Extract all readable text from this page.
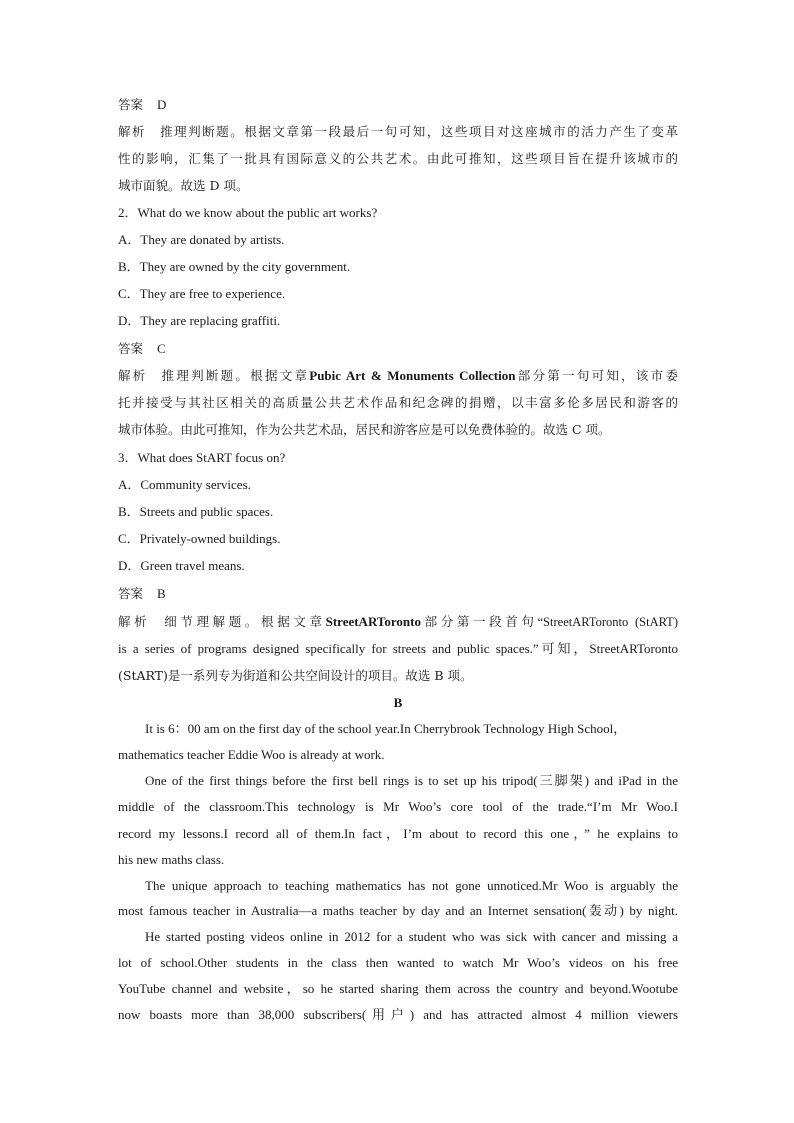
答案 D
解析 推理判断题。根据文章第一段最后一句可知，这些项目对这座城市的活力产生了变革
性的影响，汇集了一批具有国际意义的公共艺术。由此可推知，这些项目旨在提升该城市的
城市面貌。故选 D 项。
2．What do we know about the public art works?
A．They are donated by artists.
B．They are owned by the city government.
C．They are free to experience.
D．They are replacing graffiti.
答案 C
解析 推理判断题。根据文章Pubic Art & Monuments Collection部分第一句可知，该市委
托并接受与其社区相关的高质量公共艺术作品和纪念碑的捐赠，以丰富多伦多居民和游客的
城市体验。由此可推知，作为公共艺术品，居民和游客应是可以免费体验的。故选 C 项。
3．What does StART focus on?
A．Community services.
B．Streets and public spaces.
C．Privately-owned buildings.
D．Green travel means.
答案 B
解析 细节理解题。根据文章StreetARToronto部分第一段首句“StreetARToronto (StART)
is a series of programs designed specifically for streets and public spaces.”可知，StreetARToronto
(StART)是一系列专为街道和公共空间设计的项目。故选 B 项。
B
It is 6：00 am on the first day of the school year.In Cherrybrook Technology High School，
mathematics teacher Eddie Woo is already at work.
One of the first things before the first bell rings is to set up his tripod(三脚架) and iPad in the
middle of the classroom.This technology is Mr Woo’s core tool of the trade.“I’m Mr Woo.I
record my lessons.I record all of them.In fact，I’m about to record this one，” he explains to
his new maths class.
The unique approach to teaching mathematics has not gone unnoticed.Mr Woo is arguably the
most famous teacher in Australia—a maths teacher by day and an Internet sensation(轰动) by night.
He started posting videos online in 2012 for a student who was sick with cancer and missing a
lot of school.Other students in the class then wanted to watch Mr Woo’s videos on his free
YouTube channel and website，so he started sharing them across the country and beyond.Wootube
now boasts more than 38,000 subscribers(用户) and has attracted almost 4 million viewers
